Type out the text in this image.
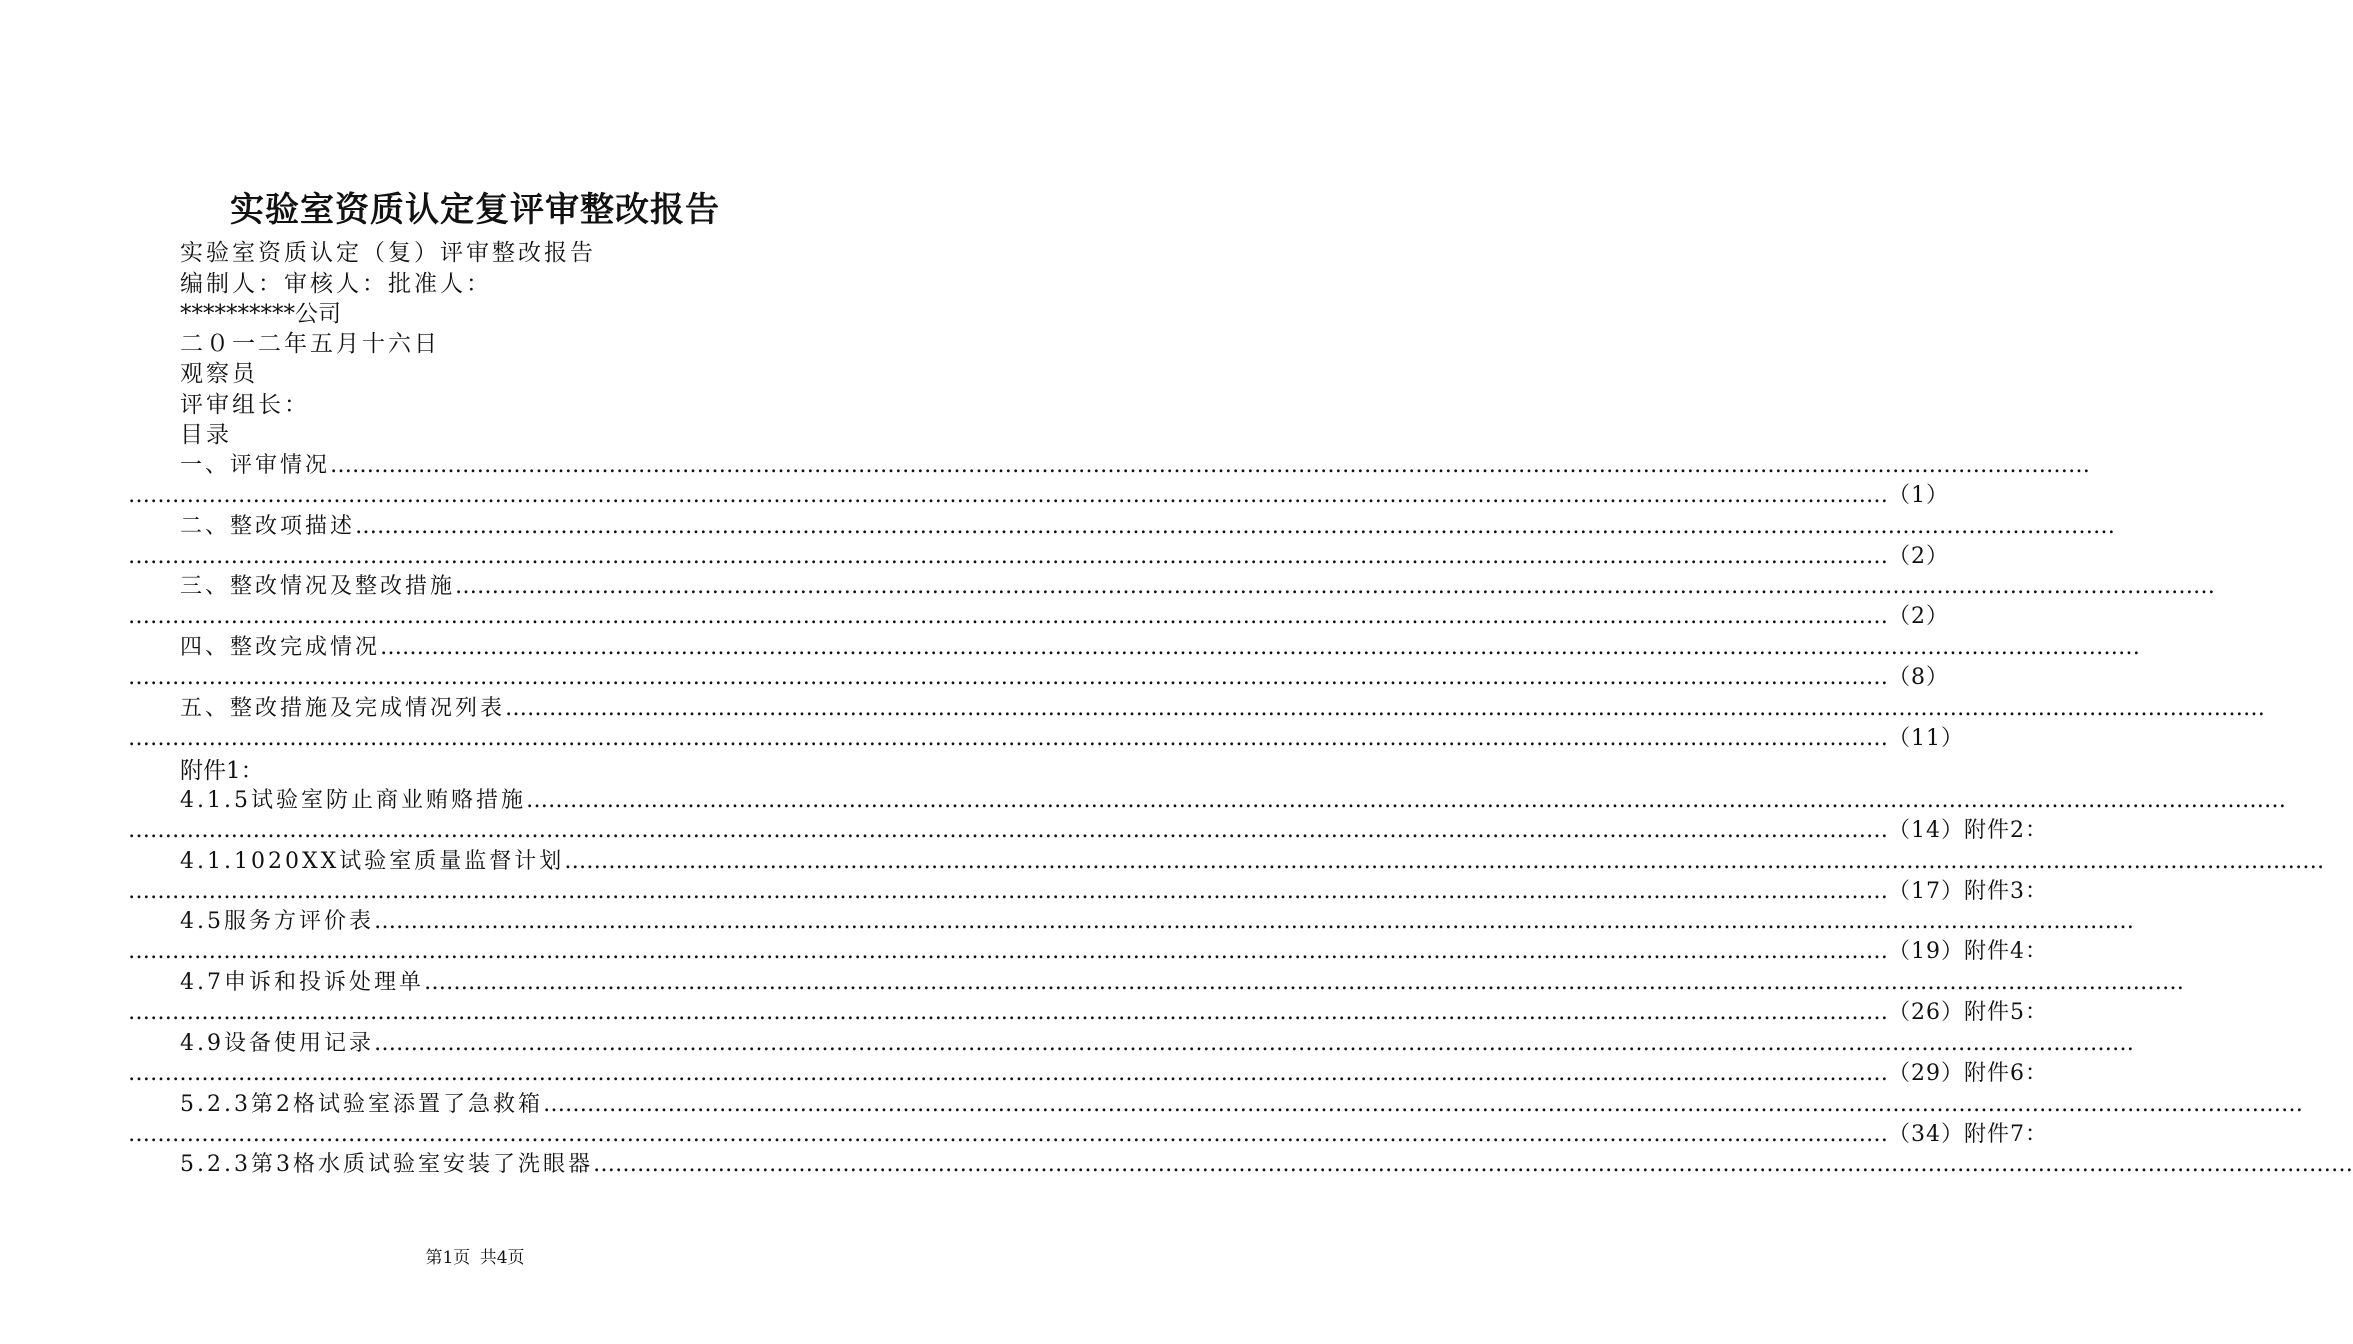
实验室资质认定复评审整改报告
实验室资质认定（复）评审整改报告
编制人：审核人：批准人：
**********公司
二０一二年五月十六日
观察员
评审组长：
目录
附件1：
第1页 共4页
一、评审情况 ……………………………………………………………………………………………………………………………………………………………………………………………………………………
…………………………………………………………………………………………………………………………………………………………………………………………………………………… （1）
二、整改项描述 ……………………………………………………………………………………………………………………………………………………………………………………………………………………
…………………………………………………………………………………………………………………………………………………………………………………………………………………… （2）
三、整改情况及整改措施 ……………………………………………………………………………………………………………………………………………………………………………………………………………………
…………………………………………………………………………………………………………………………………………………………………………………………………………………… （2）
四、整改完成情况 ……………………………………………………………………………………………………………………………………………………………………………………………………………………
…………………………………………………………………………………………………………………………………………………………………………………………………………………… （8）
五、整改措施及完成情况列表 ……………………………………………………………………………………………………………………………………………………………………………………………………………………
…………………………………………………………………………………………………………………………………………………………………………………………………………………… （11）
4.1.5试验室防止商业贿赂措施 ……………………………………………………………………………………………………………………………………………………………………………………………………………………
…………………………………………………………………………………………………………………………………………………………………………………………………………………… （14）附件2：
4.1.1020XX试验室质量监督计划 ……………………………………………………………………………………………………………………………………………………………………………………………………………………
…………………………………………………………………………………………………………………………………………………………………………………………………………………… （17）附件3：
4.5服务方评价表 ……………………………………………………………………………………………………………………………………………………………………………………………………………………
…………………………………………………………………………………………………………………………………………………………………………………………………………………… （19）附件4：
4.7申诉和投诉处理单 ……………………………………………………………………………………………………………………………………………………………………………………………………………………
…………………………………………………………………………………………………………………………………………………………………………………………………………………… （26）附件5：
4.9设备使用记录 ……………………………………………………………………………………………………………………………………………………………………………………………………………………
…………………………………………………………………………………………………………………………………………………………………………………………………………………… （29）附件6：
5.2.3第2格试验室添置了急救箱 ……………………………………………………………………………………………………………………………………………………………………………………………………………………
…………………………………………………………………………………………………………………………………………………………………………………………………………………… （34）附件7：
5.2.3第3格水质试验室安装了洗眼器 ……………………………………………………………………………………………………………………………………………………………………………………………………………………
